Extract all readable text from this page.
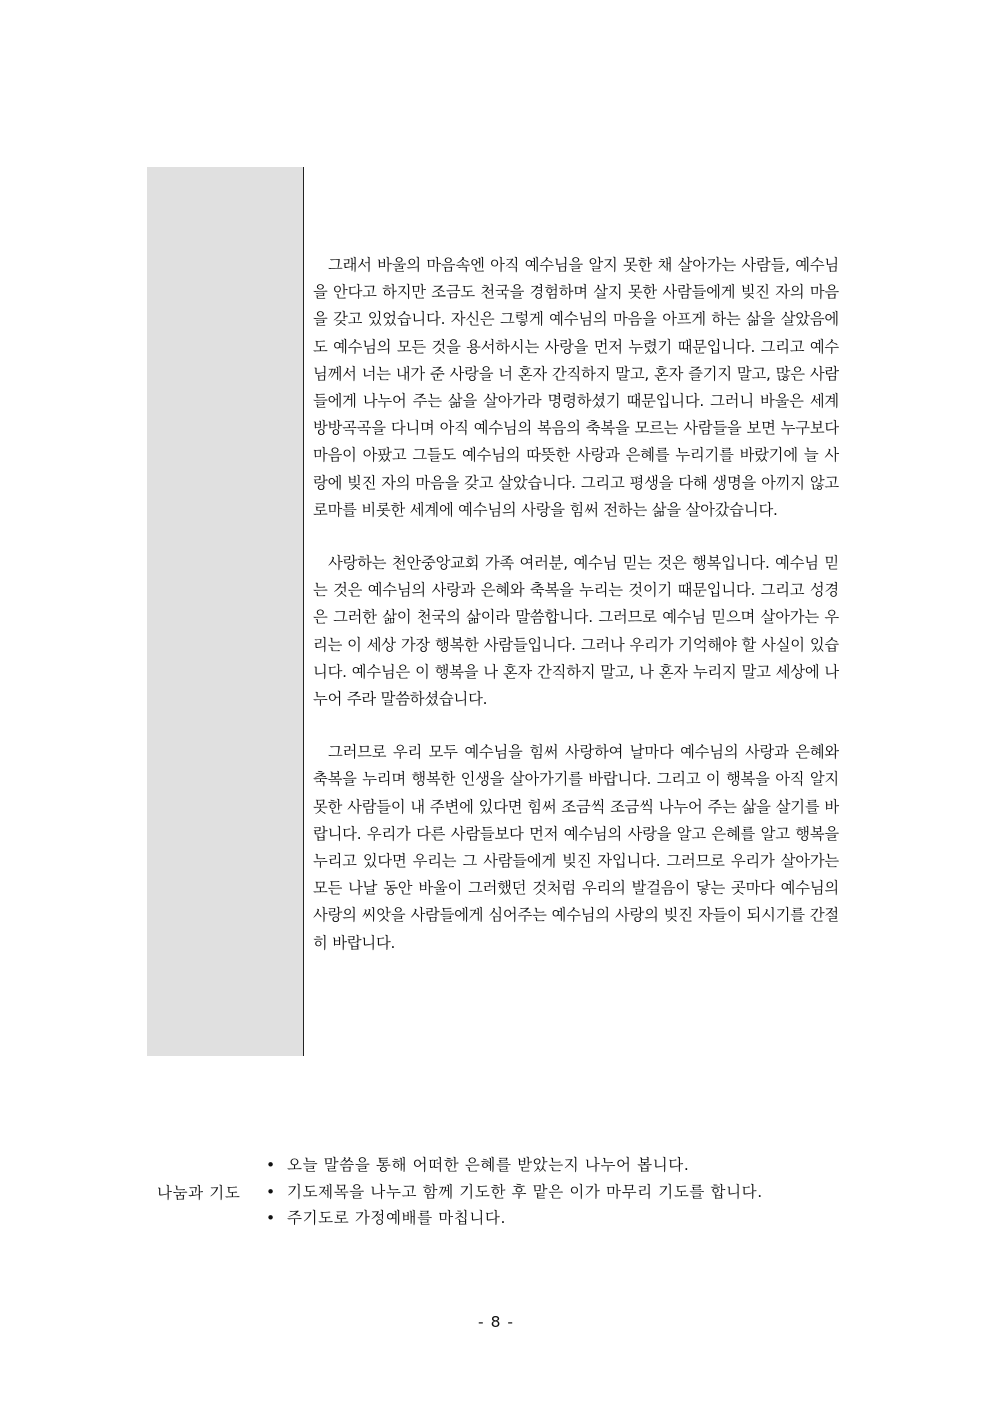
그래서 바울의 마음속엔 아직 예수님을 알지 못한 채 살아가는 사람들, 예수님을 안다고 하지만 조금도 천국을 경험하며 살지 못한 사람들에게 빚진 자의 마음을 갖고 있었습니다. 자신은 그렇게 예수님의 마음을 아프게 하는 삶을 살았음에도 예수님의 모든 것을 용서하시는 사랑을 먼저 누렸기 때문입니다. 그리고 예수님께서 너는 내가 준 사랑을 너 혼자 간직하지 말고, 혼자 즐기지 말고, 많은 사람들에게 나누어 주는 삶을 살아가라 명령하셨기 때문입니다. 그러니 바울은 세계 방방곡곡을 다니며 아직 예수님의 복음의 축복을 모르는 사람들을 보면 누구보다 마음이 아팠고 그들도 예수님의 따뜻한 사랑과 은혜를 누리기를 바랐기에 늘 사랑에 빚진 자의 마음을 갖고 살았습니다. 그리고 평생을 다해 생명을 아끼지 않고 로마를 비롯한 세계에 예수님의 사랑을 힘써 전하는 삶을 살아갔습니다.

사랑하는 천안중앙교회 가족 여러분, 예수님 믿는 것은 행복입니다. 예수님 믿는 것은 예수님의 사랑과 은혜와 축복을 누리는 것이기 때문입니다. 그리고 성경은 그러한 삶이 천국의 삶이라 말씀합니다. 그러므로 예수님 믿으며 살아가는 우리는 이 세상 가장 행복한 사람들입니다. 그러나 우리가 기억해야 할 사실이 있습니다. 예수님은 이 행복을 나 혼자 간직하지 말고, 나 혼자 누리지 말고 세상에 나누어 주라 말씀하셨습니다.

그러므로 우리 모두 예수님을 힘써 사랑하여 날마다 예수님의 사랑과 은혜와 축복을 누리며 행복한 인생을 살아가기를 바랍니다. 그리고 이 행복을 아직 알지 못한 사람들이 내 주변에 있다면 힘써 조금씩 조금씩 나누어 주는 삶을 살기를 바랍니다. 우리가 다른 사람들보다 먼저 예수님의 사랑을 알고 은혜를 알고 행복을 누리고 있다면 우리는 그 사람들에게 빚진 자입니다. 그러므로 우리가 살아가는 모든 나날 동안 바울이 그러했던 것처럼 우리의 발걸음이 닿는 곳마다 예수님의 사랑의 씨앗을 사람들에게 심어주는 예수님의 사랑의 빚진 자들이 되시기를 간절히 바랍니다.

나눔과 기도
• 오늘 말씀을 통해 어떠한 은혜를 받았는지 나누어 봅니다.
• 기도제목을 나누고 함께 기도한 후 맡은 이가 마무리 기도를 합니다.
• 주기도로 가정예배를 마칩니다.
- 8 -
